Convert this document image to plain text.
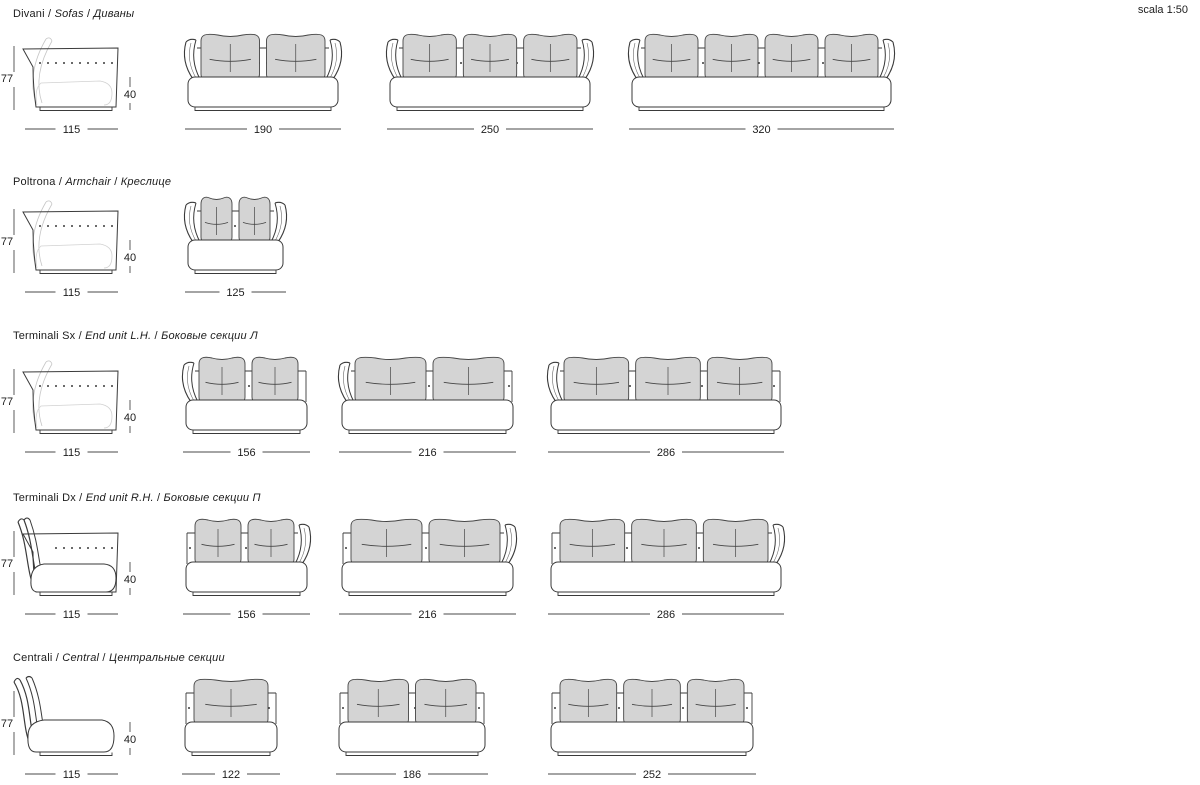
scala 1:50
Divani / Sofas / Диваны
77
40
115	190	250	320
Poltrona / Armchair / Креслице
77
40
115	125
Terminali Sx / End unit L.H. / Боковые секции Л
77
40
115	156	216	286
Terminali Dx / End unit R.H. / Боковые секции П
77
40
115	156	216	286
Centrali / Central / Центральные секции
77
40
115	122	186	252
